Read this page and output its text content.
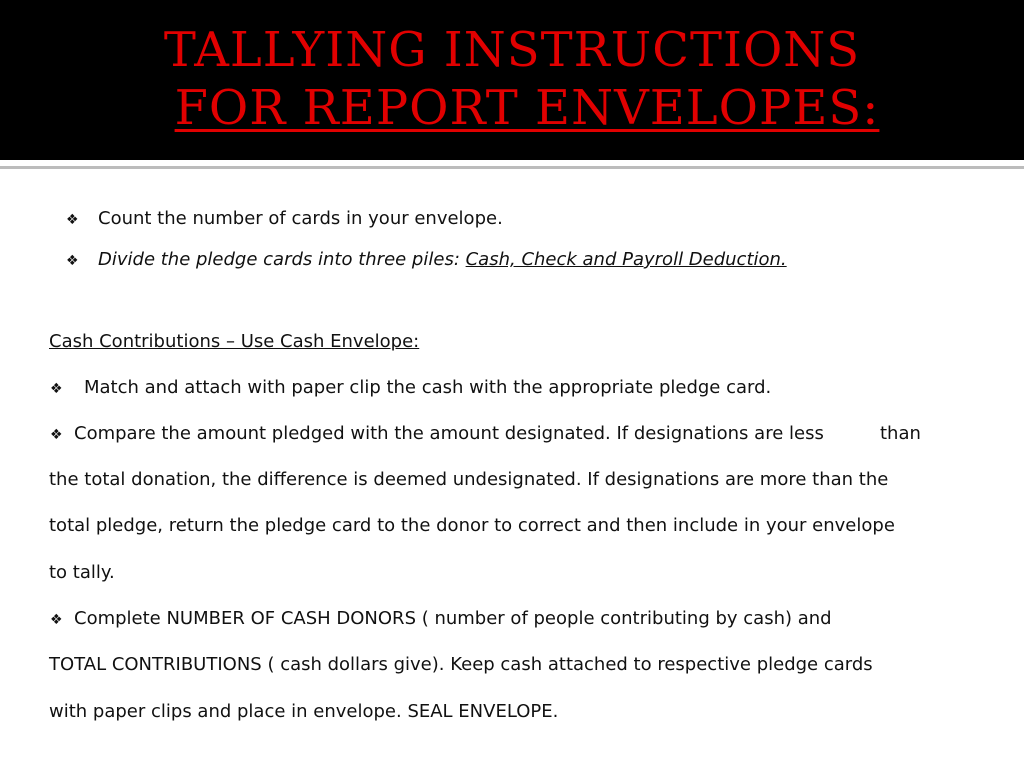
TALLYING INSTRUCTIONS
FOR REPORT ENVELOPES:
❖ Count the number of cards in your envelope.
❖ Divide the pledge cards into three piles: Cash, Check and Payroll Deduction.
Cash Contributions – Use Cash Envelope:
❖ Match and attach with paper clip the cash with the appropriate pledge card.
❖ Compare the amount pledged with the amount designated. If designations are less	than
the total donation, the difference is deemed undesignated. If designations are more than the
total pledge, return the pledge card to the donor to correct and then include in your envelope
to tally.
❖ Complete NUMBER OF CASH DONORS ( number of people contributing by cash) and
TOTAL CONTRIBUTIONS ( cash dollars give). Keep cash attached to respective pledge cards
with paper clips and place in envelope. SEAL ENVELOPE.
